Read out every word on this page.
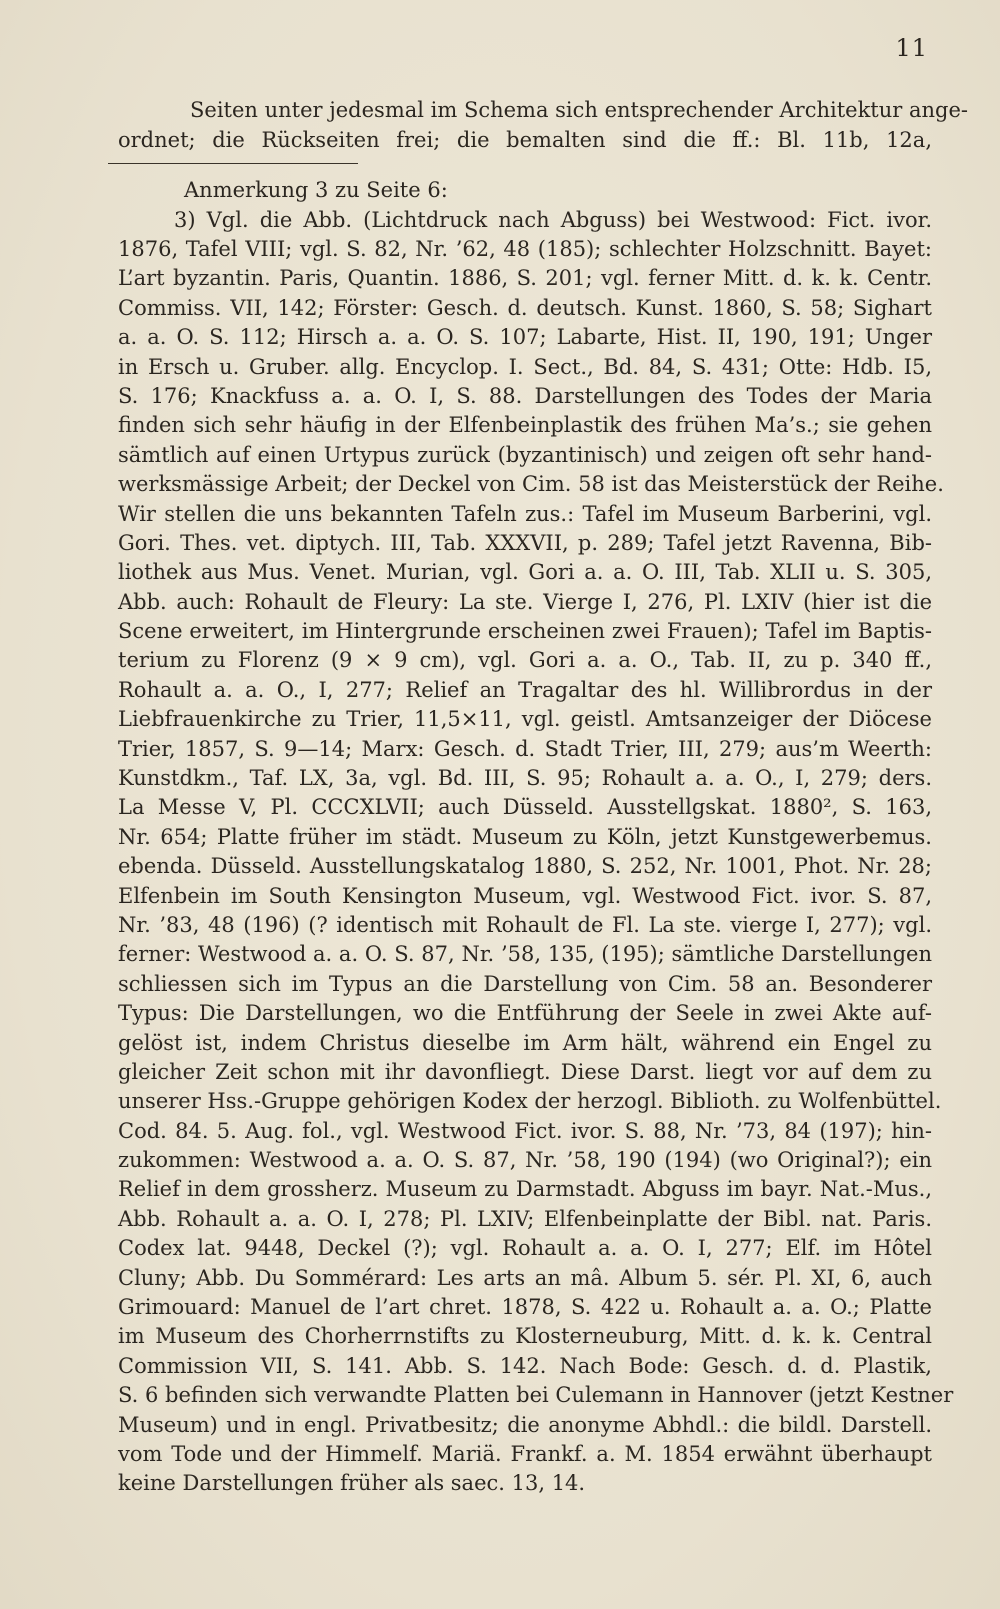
11
Seiten unter jedesmal im Schema sich entsprechender Architektur ange-
ordnet; die Rückseiten frei; die bemalten sind die ff.: Bl. 11b, 12a,
Anmerkung 3 zu Seite 6:
3) Vgl. die Abb. (Lichtdruck nach Abguss) bei Westwood: Fict. ivor.
1876, Tafel VIII; vgl. S. 82, Nr. ’62, 48 (185); schlechter Holzschnitt. Bayet:
L’art byzantin. Paris, Quantin. 1886, S. 201; vgl. ferner Mitt. d. k. k. Centr.
Commiss. VII, 142; Förster: Gesch. d. deutsch. Kunst. 1860, S. 58; Sighart
a. a. O. S. 112; Hirsch a. a. O. S. 107; Labarte, Hist. II, 190, 191; Unger
in Ersch u. Gruber. allg. Encyclop. I. Sect., Bd. 84, S. 431; Otte: Hdb. I5,
S. 176; Knackfuss a. a. O. I, S. 88. Darstellungen des Todes der Maria
finden sich sehr häufig in der Elfenbeinplastik des frühen Ma’s.; sie gehen
sämtlich auf einen Urtypus zurück (byzantinisch) und zeigen oft sehr hand-
werksmässige Arbeit; der Deckel von Cim. 58 ist das Meisterstück der Reihe.
Wir stellen die uns bekannten Tafeln zus.: Tafel im Museum Barberini, vgl.
Gori. Thes. vet. diptych. III, Tab. XXXVII, p. 289; Tafel jetzt Ravenna, Bib-
liothek aus Mus. Venet. Murian, vgl. Gori a. a. O. III, Tab. XLII u. S. 305,
Abb. auch: Rohault de Fleury: La ste. Vierge I, 276, Pl. LXIV (hier ist die
Scene erweitert, im Hintergrunde erscheinen zwei Frauen); Tafel im Baptis-
terium zu Florenz (9 × 9 cm), vgl. Gori a. a. O., Tab. II, zu p. 340 ff.,
Rohault a. a. O., I, 277; Relief an Tragaltar des hl. Willibrordus in der
Liebfrauenkirche zu Trier, 11,5×11, vgl. geistl. Amtsanzeiger der Diöcese
Trier, 1857, S. 9—14; Marx: Gesch. d. Stadt Trier, III, 279; aus’m Weerth:
Kunstdkm., Taf. LX, 3a, vgl. Bd. III, S. 95; Rohault a. a. O., I, 279; ders.
La Messe V, Pl. CCCXLVII; auch Düsseld. Ausstellgskat. 1880², S. 163,
Nr. 654; Platte früher im städt. Museum zu Köln, jetzt Kunstgewerbemus.
ebenda. Düsseld. Ausstellungskatalog 1880, S. 252, Nr. 1001, Phot. Nr. 28;
Elfenbein im South Kensington Museum, vgl. Westwood Fict. ivor. S. 87,
Nr. ’83, 48 (196) (? identisch mit Rohault de Fl. La ste. vierge I, 277); vgl.
ferner: Westwood a. a. O. S. 87, Nr. ’58, 135, (195); sämtliche Darstellungen
schliessen sich im Typus an die Darstellung von Cim. 58 an. Besonderer
Typus: Die Darstellungen, wo die Entführung der Seele in zwei Akte auf-
gelöst ist, indem Christus dieselbe im Arm hält, während ein Engel zu
gleicher Zeit schon mit ihr davonfliegt. Diese Darst. liegt vor auf dem zu
unserer Hss.-Gruppe gehörigen Kodex der herzogl. Biblioth. zu Wolfenbüttel.
Cod. 84. 5. Aug. fol., vgl. Westwood Fict. ivor. S. 88, Nr. ’73, 84 (197); hin-
zukommen: Westwood a. a. O. S. 87, Nr. ’58, 190 (194) (wo Original?); ein
Relief in dem grossherz. Museum zu Darmstadt. Abguss im bayr. Nat.-Mus.,
Abb. Rohault a. a. O. I, 278; Pl. LXIV; Elfenbeinplatte der Bibl. nat. Paris.
Codex lat. 9448, Deckel (?); vgl. Rohault a. a. O. I, 277; Elf. im Hôtel
Cluny; Abb. Du Sommérard: Les arts an mâ. Album 5. sér. Pl. XI, 6, auch
Grimouard: Manuel de l’art chret. 1878, S. 422 u. Rohault a. a. O.; Platte
im Museum des Chorherrnstifts zu Klosterneuburg, Mitt. d. k. k. Central
Commission VII, S. 141. Abb. S. 142. Nach Bode: Gesch. d. d. Plastik,
S. 6 befinden sich verwandte Platten bei Culemann in Hannover (jetzt Kestner
Museum) und in engl. Privatbesitz; die anonyme Abhdl.: die bildl. Darstell.
vom Tode und der Himmelf. Mariä. Frankf. a. M. 1854 erwähnt überhaupt
keine Darstellungen früher als saec. 13, 14.
